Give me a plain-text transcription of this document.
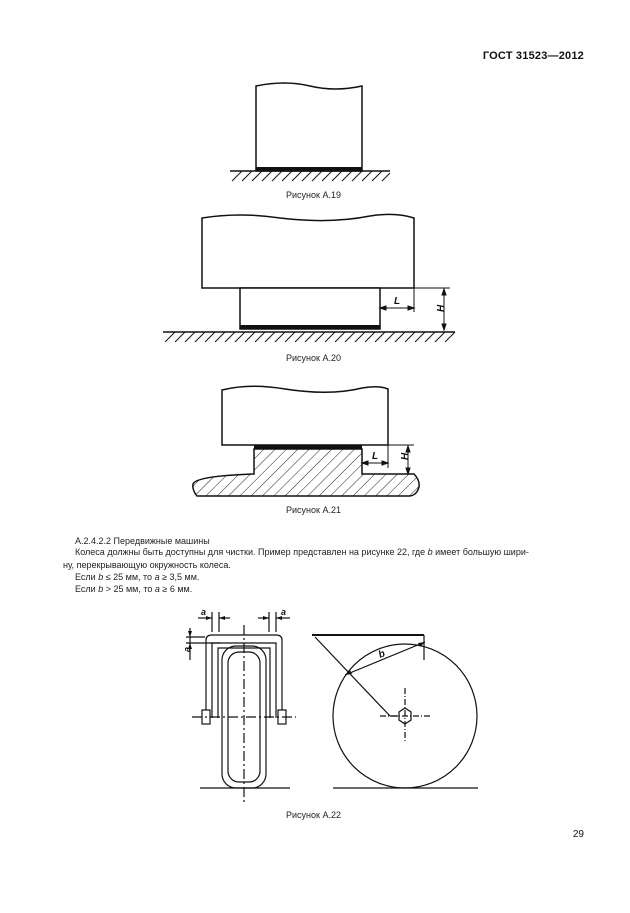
ГОСТ 31523—2012
L
H
L H
a	a
a	b
Рисунок А.19
Рисунок А.20
Рисунок А.21
Рисунок А.22
А.2.4.2.2 Передвижные машины
Колеса должны быть доступны для чистки. Пример представлен на рисунке 22, где b имеет большую шири-
ну, перекрывающую окружность колеса.
Если b ≤ 25 мм, то a ≥ 3,5 мм.
Если b > 25 мм, то a ≥ 6 мм.
29
